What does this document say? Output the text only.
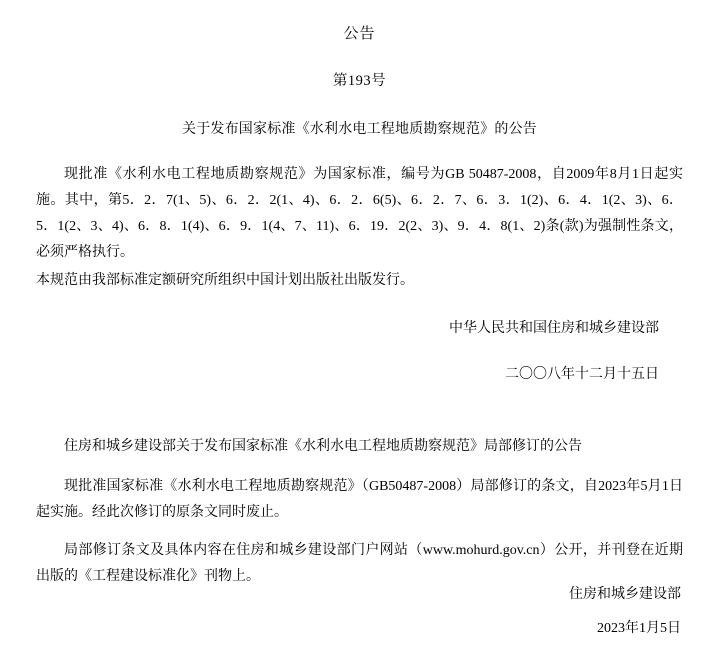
公告
第193号
关于发布国家标准《水利水电工程地质勘察规范》的公告

现批准《水利水电工程地质勘察规范》为国家标准，编号为GB 50487-2008，自2009年8月1日起实施。其中，第5．2．7(1、5)、6．2．2(1、4)、6．2．6(5)、6．2．7、6．3．1(2)、6．4．1(2、3)、6．5．1(2、3、4)、6．8．1(4)、6．9．1(4、7、11)、6．19．2(2、3)、9．4．8(1、2)条(款)为强制性条文，必须严格执行。

本规范由我部标准定额研究所组织中国计划出版社出版发行。

中华人民共和国住房和城乡建设部
二〇〇八年十二月十五日
住房和城乡建设部关于发布国家标准《水利水电工程地质勘察规范》局部修订的公告

现批准国家标准《水利水电工程地质勘察规范》（GB50487-2008）局部修订的条文，自2023年5月1日起实施。经此次修订的原条文同时废止。

局部修订条文及具体内容在住房和城乡建设部门户网站（www.mohurd.gov.cn）公开，并刊登在近期出版的《工程建设标准化》刊物上。

住房和城乡建设部
2023年1月5日
